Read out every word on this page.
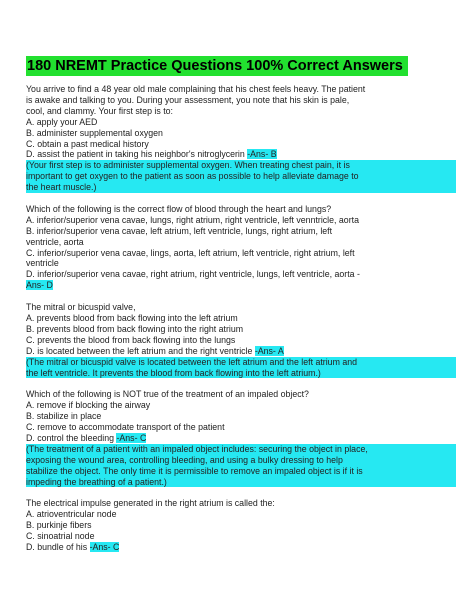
180 NREMT Practice Questions 100% Correct Answers
You arrive to find a 48 year old male complaining that his chest feels heavy. The patient
is awake and talking to you. During your assessment, you note that his skin is pale,
cool, and clammy. Your first step is to:
A. apply your AED
B. administer supplemental oxygen
C. obtain a past medical history
D. assist the patient in taking his neighbor's nitroglycerin -Ans- B
(Your first step is to administer supplemental oxygen. When treating chest pain, it is
important to get oxygen to the patient as soon as possible to help alleviate damage to
the heart muscle.)
Which of the following is the correct flow of blood through the heart and lungs?
A. inferior/superior vena cavae, lungs, right atrium, right ventricle, left venntricle, aorta
B. inferior/superior vena cavae, left atrium, left ventricle, lungs, right atrium, left
ventricle, aorta
C. inferior/superior vena cavae, lings, aorta, left atrium, left ventricle, right atrium, left
ventricle
D. inferior/superior vena cavae, right atrium, right ventricle, lungs, left ventricle, aorta -
Ans- D
The mitral or bicuspid valve,
A. prevents blood from back flowing into the left atrium
B. prevents blood from back flowing into the right atrium
C. prevents the blood from back flowing into the lungs
D. is located between the left atrium and the right ventricle -Ans- A
(The mitral or bicuspid valve is located between the left atrium and the left atrium and
the left ventricle. It prevents the blood from back flowing into the left atrium.)
Which of the following is NOT true of the treatment of an impaled object?
A. remove if blocking the airway
B. stabilize in place
C. remove to accommodate transport of the patient
D. control the bleeding -Ans- C
(The treatment of a patient with an impaled object includes: securing the object in place,
exposing the wound area, controlling bleeding, and using a bulky dressing to help
stabilize the object. The only time it is permissible to remove an impaled object is if it is
impeding the breathing of a patient.)
The electrical impulse generated in the right atrium is called the:
A. atrioventricular node
B. purkinje fibers
C. sinoatrial node
D. bundle of his -Ans- C
